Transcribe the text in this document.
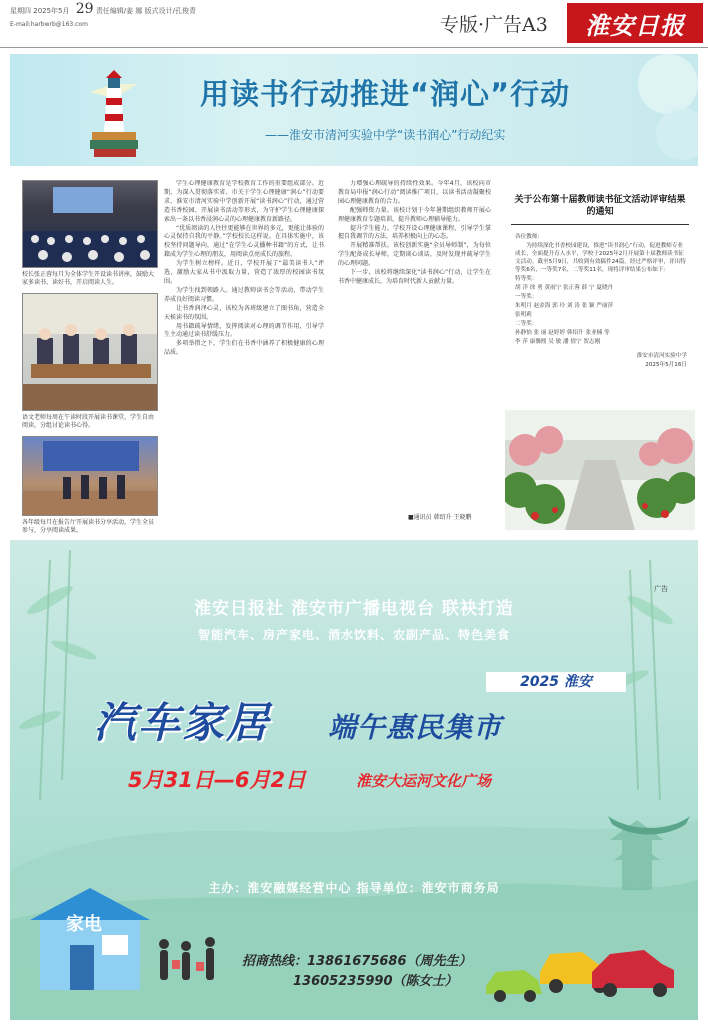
星期四 2025年5月 29 责任编辑/姜 娜 版式设计/孔俊青
E-mail:harbwrb@163.com	专版·广告A3	淮安日报
用读书行动推进“润心”行动
——淮安市清河实验中学“读书润心”行动纪实
校长张正蓉每月为全体学生开设读书讲座，鼓励大家多读书、读好书，开启阅读人生。
语文老师每周在午读时段开展读书课堂，学生自由阅读，分组讨论读书心得。
各年级每月在报告厅开展读书分享活动，学生全员参与，分享阅读成果。

学生心理健康教育是学校教育工作的重要组成部分。近期，为深入贯彻落实省、市关于学生心理健康“润心”行动要求，淮安市清河实验中学创新开展“读书润心”行动，通过营造书香校园、开展读书活动等形式，为守护学生心理健康探索出一条以书香浸润心灵的心理健康教育新路径。

“优质阅读的人往往更能够在世界的多元，更能让体验的心灵保持自我的平静。”学校校长这样说。在具体实施中，该校坚持问题导向，通过“在学生心灵播种书籍”的方式，让书籍成为学生心理的朋友，用阅读点亮成长的旅程。

为学生树立榜样。近日，学校开展了“最美读书人”评选，激励大家从书中汲取力量，营造了浓厚的校园读书氛围。

为学生找到领路人。通过教师读书会等活动，带动学生养成良好阅读习惯。

让书香润泽心灵，该校为各班级建立了图书角，营造全天候读书的氛围。

用书籍疏导情绪，发挥阅读对心理的调节作用，引导学生主动通过读书舒缓压力。

多项举措之下，学生们在书香中涵养了积极健康的心理品质。

力增强心理疏导的持续性效果。今年4月，该校向市教育局申报“润心行动”阅读推广项目，以读书活动凝聚校园心理健康教育的合力。

配强师资力量。该校计划于今年暑期组织教师开展心理健康教育专题培训，提升教师心理辅导能力。

提升学生能力。学校开设心理健康课程，引导学生掌握自我调节的方法，培养积极向上的心态。

开展精准帮扶。该校创新实施“全员导师制”，为每位学生配备成长导师，定期谈心谈话，及时发现并疏导学生的心理问题。

下一步，该校将继续深化“读书润心”行动，让学生在书香中健康成长，为培育时代新人贡献力量。

■通讯员 韩绍升 王晓鹏
关于公布第十届教师读书征文活动评审结果的通知

各位教师：

为持续深化书香校园建设，推进“读书润心”行动，促进教师专业成长，全面提升育人水平，学校于2025年2月开展第十届教师读书征文活动。截至5月9日，共收到有效稿件24篇。经过严格评审，评出特等奖6名，一等奖7名，二等奖11名。现将评审结果公布如下：

特等奖：

胡 洋 徐 勇 黄雨宁 张正蓉 薛 宁 夏晓丹

一等奖：

朱明月 赵金海 郭 玲 刘 涛 张 颖 严丽萍

张明莉

二等奖：

孙静怡 张 丽 赵婷婷 韩绍升 张亚楠 等

李 萍 康馨熙 吴 敏 潘 情宁 贺志刚

淮安市清河实验中学

2025年5月16日

广告
淮安日报社 淮安市广播电视台 联袂打造
智能汽车、房产家电、酒水饮料、农副产品、特色美食
2025 淮安
汽车家居 端午惠民集市
5月31日—6月2日	淮安大运河文化广场
主办：淮安融媒经营中心 指导单位：淮安市商务局
家电
招商热线：13861675686（周先生）
13605235990（陈女士）
